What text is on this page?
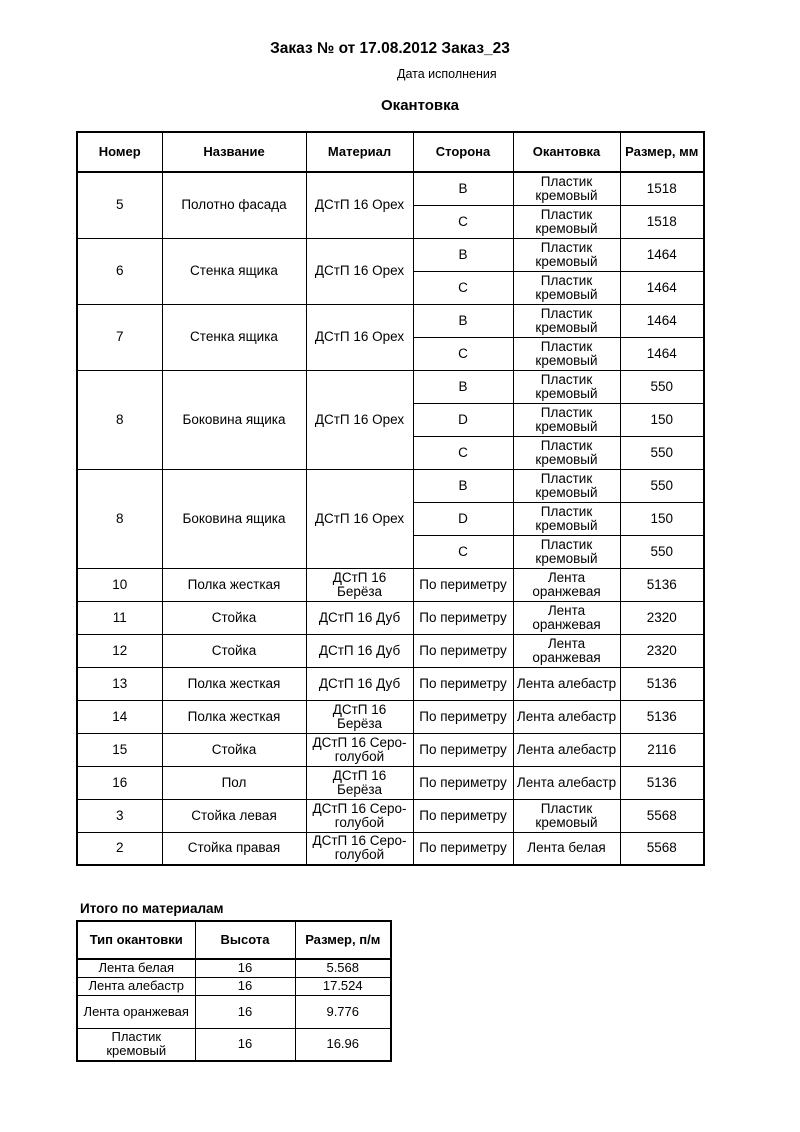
Заказ № от 17.08.2012 Заказ_23
Дата исполнения
Окантовка
Номер	Название	Материал	Сторона	Окантовка	Размер, мм
5	Полотно фасада	ДСтП 16 Орех	B	Пластик кремовый	1518
			C	Пластик кремовый	1518
6	Стенка ящика	ДСтП 16 Орех	B	Пластик кремовый	1464
			C	Пластик кремовый	1464
7	Стенка ящика	ДСтП 16 Орех	B	Пластик кремовый	1464
			C	Пластик кремовый	1464
8	Боковина ящика	ДСтП 16 Орех	B	Пластик кремовый	550
			D	Пластик кремовый	150
			C	Пластик кремовый	550
8	Боковина ящика	ДСтП 16 Орех	B	Пластик кремовый	550
			D	Пластик кремовый	150
			C	Пластик кремовый	550
10	Полка жесткая	ДСтП 16 Берёза	По периметру	Лента оранжевая	5136
11	Стойка	ДСтП 16 Дуб	По периметру	Лента оранжевая	2320
12	Стойка	ДСтП 16 Дуб	По периметру	Лента оранжевая	2320
13	Полка жесткая	ДСтП 16 Дуб	По периметру	Лента алебастр	5136
14	Полка жесткая	ДСтП 16 Берёза	По периметру	Лента алебастр	5136
15	Стойка	ДСтП 16 Серо-голубой	По периметру	Лента алебастр	2116
16	Пол	ДСтП 16 Берёза	По периметру	Лента алебастр	5136
3	Стойка левая	ДСтП 16 Серо-голубой	По периметру	Пластик кремовый	5568
2	Стойка правая	ДСтП 16 Серо-голубой	По периметру	Лента белая	5568
Итого по материалам
Тип окантовки	Высота	Размер, п/м
Лента белая	16	5.568
Лента алебастр	16	17.524
Лента оранжевая	16	9.776
Пластик кремовый	16	16.96
